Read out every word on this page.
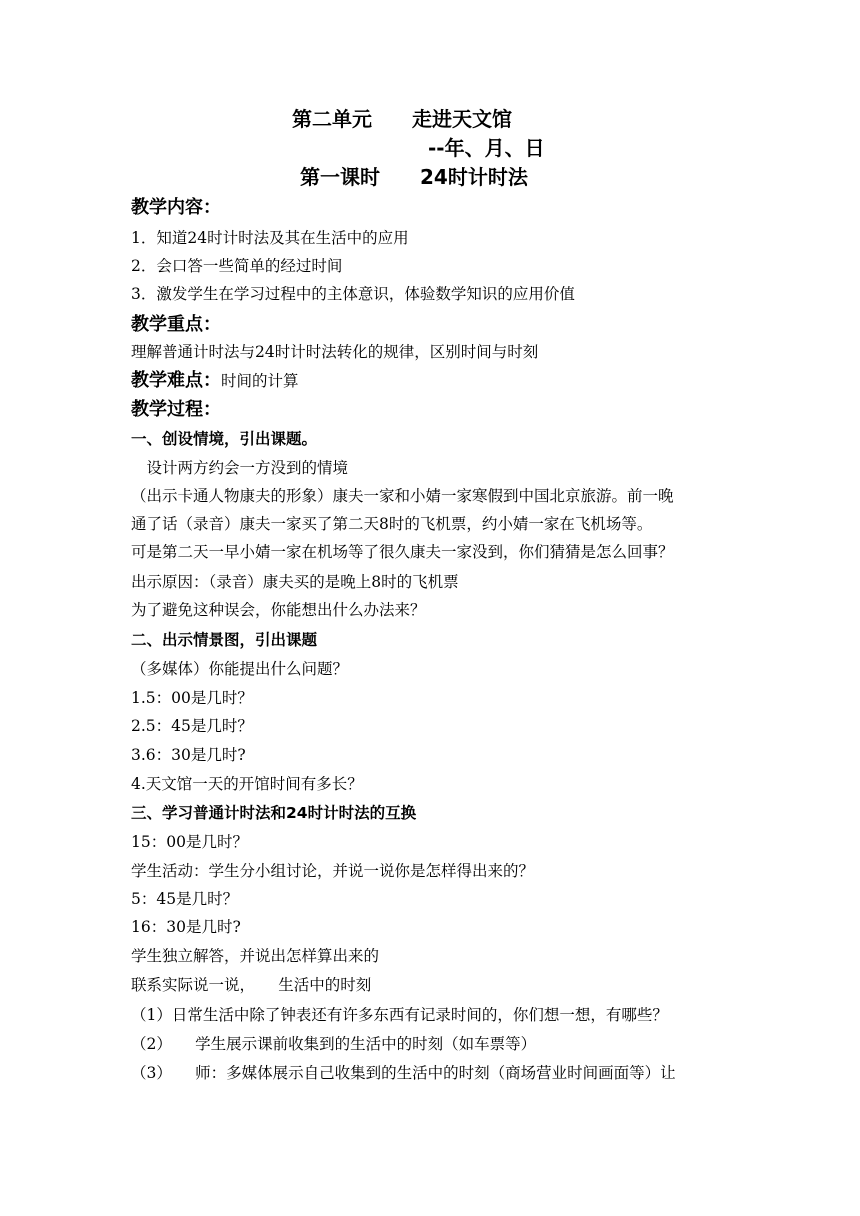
第二单元　　走进天文馆
--年、月、日
第一课时　　24时计时法
教学内容：
1．知道24时计时法及其在生活中的应用
2．会口答一些简单的经过时间
3．激发学生在学习过程中的主体意识，体验数学知识的应用价值
教学重点：
理解普通计时法与24时计时法转化的规律，区别时间与时刻
教学难点：时间的计算
教学过程：
一、创设情境，引出课题。
　设计两方约会一方没到的情境
（出示卡通人物康夫的形象）康夫一家和小婧一家寒假到中国北京旅游。前一晚
通了话（录音）康夫一家买了第二天8时的飞机票，约小婧一家在飞机场等。
可是第二天一早小婧一家在机场等了很久康夫一家没到，你们猜猜是怎么回事？
出示原因：（录音）康夫买的是晚上8时的飞机票
为了避免这种误会，你能想出什么办法来？
二、出示情景图，引出课题
（多媒体）你能提出什么问题？
1.5：00是几时？
2.5：45是几时？
3.6：30是几时?
4.天文馆一天的开馆时间有多长？
三、学习普通计时法和24时计时法的互换
15：00是几时？
学生活动：学生分小组讨论，并说一说你是怎样得出来的？
5：45是几时？
16：30是几时?
学生独立解答，并说出怎样算出来的
联系实际说一说，　　生活中的时刻
（1）日常生活中除了钟表还有许多东西有记录时间的，你们想一想，有哪些？
（2）　　学生展示课前收集到的生活中的时刻（如车票等）
（3）　　师：多媒体展示自己收集到的生活中的时刻（商场营业时间画面等）让
